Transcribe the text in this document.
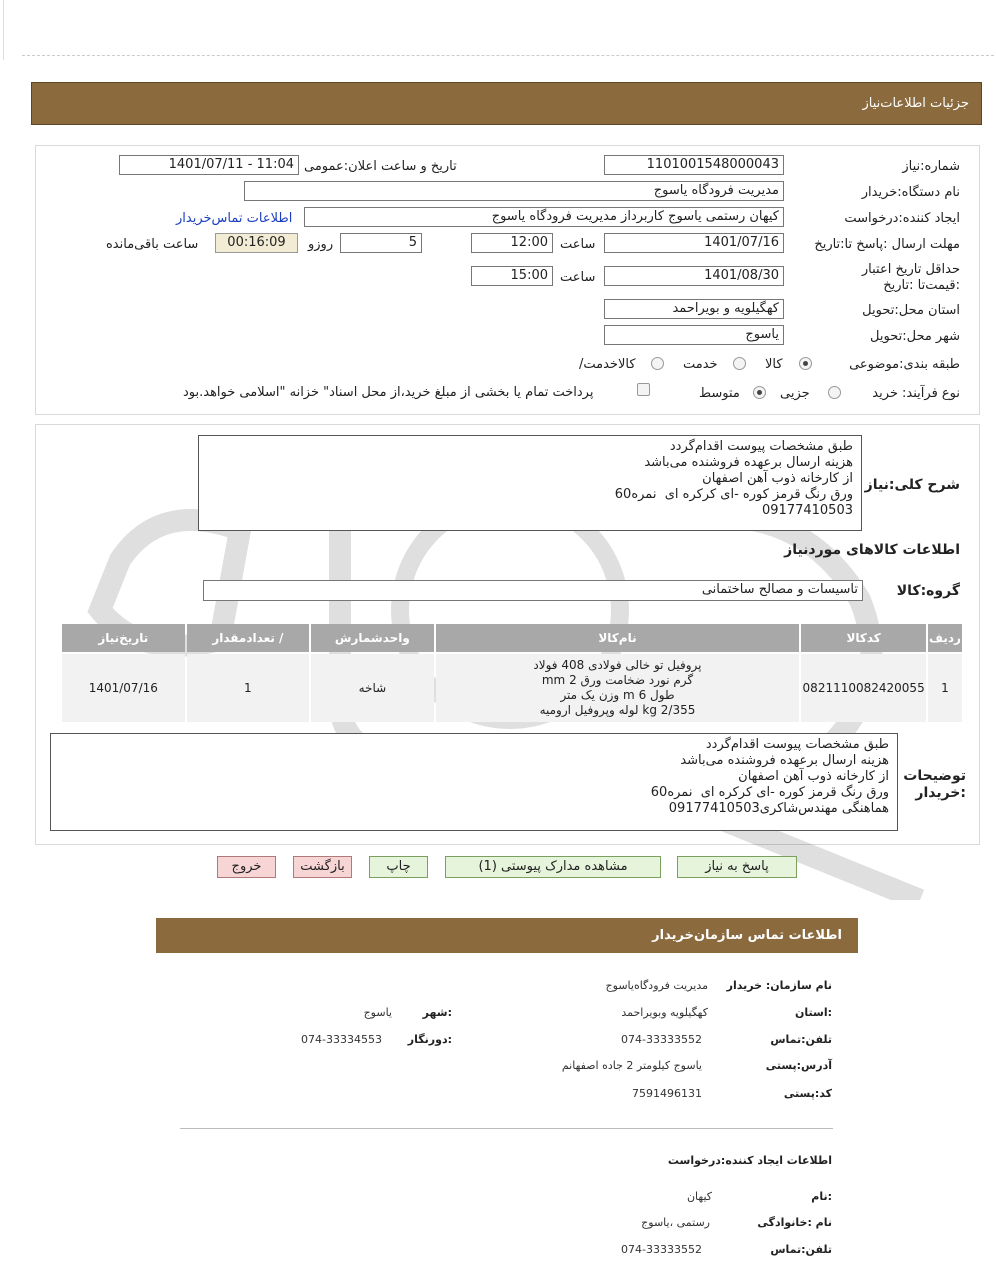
جزئیات اطلاعات‌نیاز
شماره:نیاز
1101001548000043
تاریخ و ساعت اعلان:عمومی
1401/07/11 - 11:04
نام دستگاه:خریدار
مدیریت فرودگاه یاسوج
ایجاد کننده:درخواست
کیهان رستمی یاسوج کاربرداز مدیریت فرودگاه یاسوج
اطلاعات تماس‌خریدار
مهلت ارسال :پاسخ تا:تاریخ
1401/07/16
ساعت
12:00
5
روزو
00:16:09
ساعت باقی‌مانده
حداقل تاریخ اعتبار :قیمت‌تا :تاریخ
1401/08/30
ساعت
15:00
استان محل:تحویل
کهگیلویه و بویراحمد
شهر محل:تحویل
یاسوج
طبقه بندی:موضوعی
کالا
خدمت
کالاخدمت/
نوع فرآیند: خرید
جزیی
متوسط
پرداخت تمام یا بخشی از مبلغ خرید،از محل اسناد" خزانه "اسلامی خواهد.بود
شرح کلی:نیاز
طبق مشخصات پیوست اقدام‌گردد
هزینه ارسال برعهده فروشنده می‌باشد
از کارخانه ذوب آهن اصفهان
ورق رنگ قرمز کوره -ای کرکره ای  نمره60
09177410503
اطلاعات کالاهای موردنیاز
گروه:کالا
تاسیسات و مصالح ساختمانی
ردیف	کدکالا	نام‌کالا	واحدشمارش	/ تعدادمقدار	تاریخ‌نیاز
1	0821110082420055	پروفیل تو خالی فولادی 408 فولاد
گرم نورد ضخامت ورق 2 mm
طول 6 m وزن یک متر
2/355 kg لوله وپروفیل ارومیه	شاخه	1	1401/07/16
توضیحات :خریدار
طبق مشخصات پیوست اقدام‌گردد
هزینه ارسال برعهده فروشنده می‌باشد
از کارخانه ذوب آهن اصفهان
ورق رنگ قرمز کوره -ای کرکره ای  نمره60
هماهنگی مهندس‌شاکری09177410503
پاسخ به نیاز
مشاهده مدارک پیوستی (1)
چاپ
بازگشت
خروج
اطلاعات تماس سازمان‌خریدار
نام سازمان: خریدار
مدیریت فرودگاه‌یاسوج
:استان
کهگیلویه وبویراحمد
:شهر
یاسوج
تلفن:تماس
074-33333552
:دورنگار
074-33334553
آدرس:پستی
یاسوج کیلومتر 2 جاده اصفهانم
کد:پستی
7591496131
اطلاعات ایجاد کننده:درخواست
:نام
کیهان
نام :خانوادگی
رستمی ،یاسوج
تلفن:تماس
074-33333552
